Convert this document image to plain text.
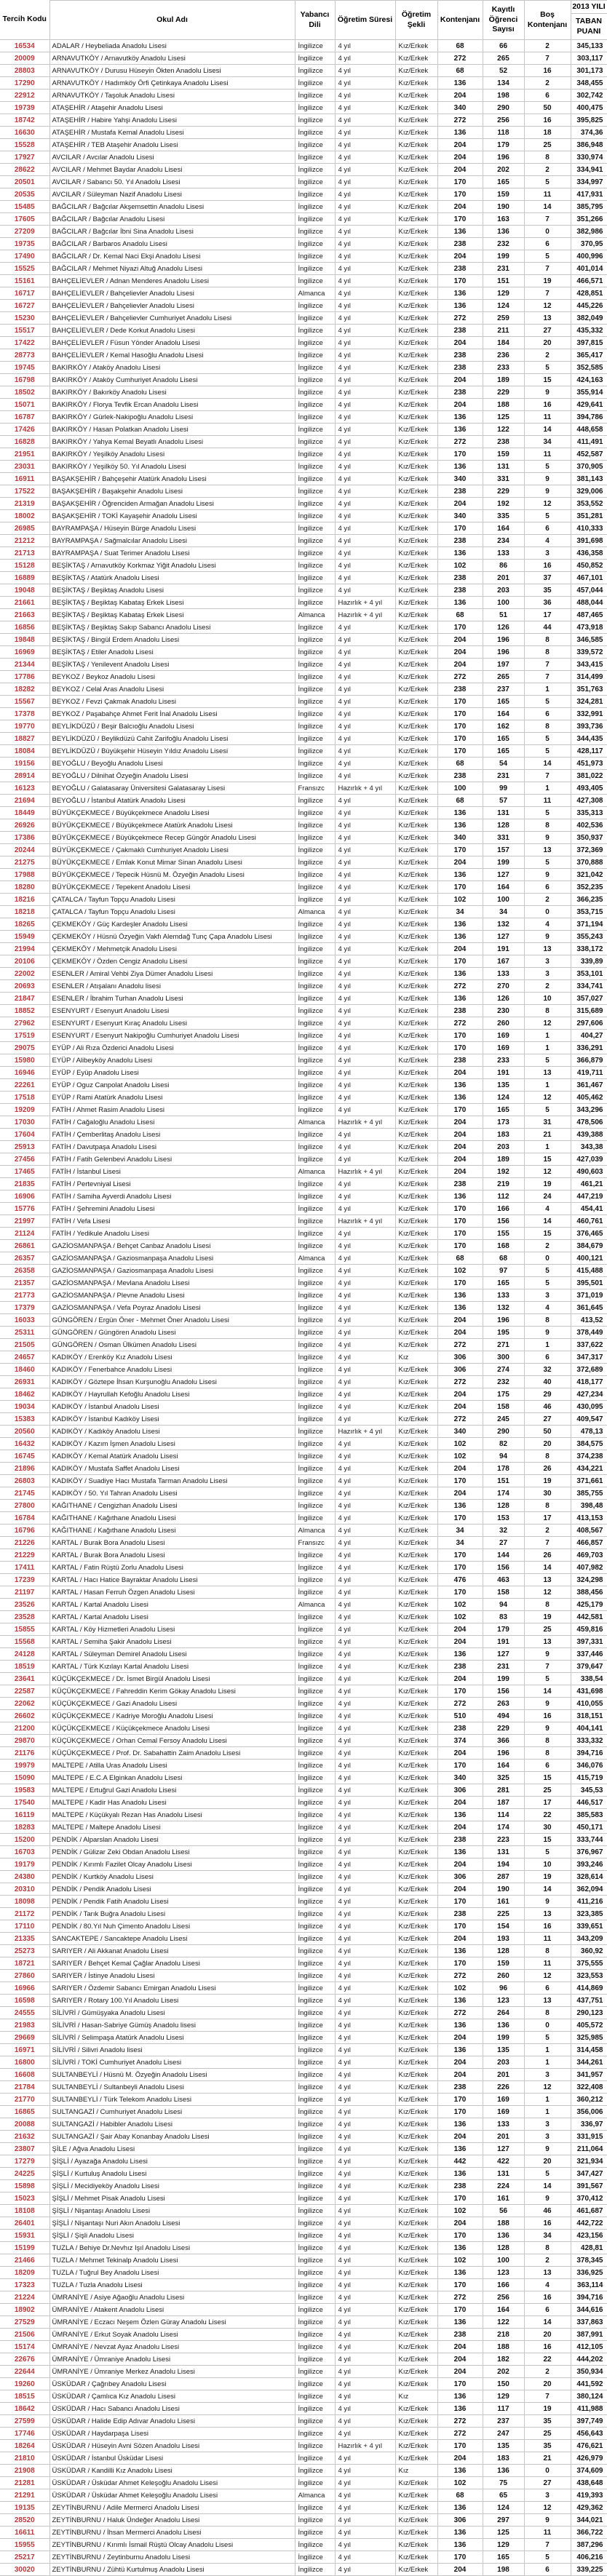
Tercih Kodu	Okul Adı	Yabancı Dili	Öğretim Süresi	Öğretim Şekli	Kontenjanı	Kayıtlı Öğrenci Sayısı	Boş Kontenjanı	2013 YILI
TABAN PUANI

16534	ADALAR / Heybeliada Anadolu Lisesi	İngilizce	4 yıl	Kız/Erkek	68	66	2	345,133
20009	ARNAVUTKÖY / Arnavutköy Anadolu Lisesi	İngilizce	4 yıl	Kız/Erkek	272	265	7	303,117
28803	ARNAVUTKÖY / Durusu Hüseyin Ökten Anadolu Lisesi	İngilizce	4 yıl	Kız/Erkek	68	52	16	301,173
17290	ARNAVUTKÖY / Hadımköy Örfi Çetinkaya Anadolu Lisesi	İngilizce	4 yıl	Kız/Erkek	136	134	2	348,455
22912	ARNAVUTKÖY / Taşoluk Anadolu Lisesi	İngilizce	4 yıl	Kız/Erkek	204	198	6	302,742
19739	ATAŞEHİR / Ataşehir Anadolu Lisesi	İngilizce	4 yıl	Kız/Erkek	340	290	50	400,475
18742	ATAŞEHİR / Habire Yahşi Anadolu Lisesi	İngilizce	4 yıl	Kız/Erkek	272	256	16	395,825
16630	ATAŞEHİR / Mustafa Kemal Anadolu Lisesi	İngilizce	4 yıl	Kız/Erkek	136	118	18	374,36
15528	ATAŞEHİR / TEB Ataşehir Anadolu Lisesi	İngilizce	4 yıl	Kız/Erkek	204	179	25	386,948
17927	AVCILAR / Avcılar Anadolu Lisesi	İngilizce	4 yıl	Kız/Erkek	204	196	8	330,974
28622	AVCILAR / Mehmet Baydar Anadolu Lisesi	İngilizce	4 yıl	Kız/Erkek	204	202	2	334,941
20501	AVCILAR / Sabancı 50. Yıl Anadolu Lisesi	İngilizce	4 yıl	Kız/Erkek	170	165	5	334,997
20535	AVCILAR / Süleyman Nazif Anadolu Lisesi	İngilizce	4 yıl	Kız/Erkek	170	159	11	417,931
15485	BAĞCILAR / Bağcılar Akşemsettin Anadolu Lisesi	İngilizce	4 yıl	Kız/Erkek	204	190	14	385,795
17605	BAĞCILAR / Bağcılar Anadolu Lisesi	İngilizce	4 yıl	Kız/Erkek	170	163	7	351,266
27209	BAĞCILAR / Bağcılar İbni Sina Anadolu Lisesi	İngilizce	4 yıl	Kız/Erkek	136	136	0	382,986
19735	BAĞCILAR / Barbaros Anadolu Lisesi	İngilizce	4 yıl	Kız/Erkek	238	232	6	370,95
17490	BAĞCILAR / Dr. Kemal Naci Ekşi Anadolu Lisesi	İngilizce	4 yıl	Kız/Erkek	204	199	5	400,996
15525	BAĞCILAR / Mehmet Niyazi Altuğ Anadolu Lisesi	İngilizce	4 yıl	Kız/Erkek	238	231	7	401,014
15161	BAHÇELİEVLER / Adnan Menderes Anadolu Lisesi	İngilizce	4 yıl	Kız/Erkek	170	151	19	466,571
16717	BAHÇELİEVLER / Bahçelievler Anadolu Lisesi	Almanca	4 yıl	Kız/Erkek	136	129	7	428,851
16727	BAHÇELİEVLER / Bahçelievler Anadolu Lisesi	İngilizce	4 yıl	Kız/Erkek	136	124	12	445,226
15230	BAHÇELİEVLER / Bahçelievler Cumhuriyet Anadolu Lisesi	İngilizce	4 yıl	Kız/Erkek	272	259	13	382,049
15517	BAHÇELİEVLER / Dede Korkut Anadolu Lisesi	İngilizce	4 yıl	Kız/Erkek	238	211	27	435,332
17422	BAHÇELİEVLER / Füsun Yönder Anadolu Lisesi	İngilizce	4 yıl	Kız/Erkek	204	184	20	397,815
28773	BAHÇELİEVLER / Kemal Hasoğlu Anadolu Lisesi	İngilizce	4 yıl	Kız/Erkek	238	236	2	365,417
19745	BAKIRKÖY / Ataköy Anadolu Lisesi	İngilizce	4 yıl	Kız/Erkek	238	233	5	352,585
16798	BAKIRKÖY / Ataköy Cumhuriyet Anadolu Lisesi	İngilizce	4 yıl	Kız/Erkek	204	189	15	424,163
18502	BAKIRKÖY / Bakırköy Anadolu Lisesi	İngilizce	4 yıl	Kız/Erkek	238	229	9	355,914
15071	BAKIRKÖY / Florya Tevfik Ercan Anadolu Lisesi	İngilizce	4 yıl	Kız/Erkek	204	188	16	429,641
16787	BAKIRKÖY / Gürlek-Nakipoğlu Anadolu Lisesi	İngilizce	4 yıl	Kız/Erkek	136	125	11	394,786
17426	BAKIRKÖY / Hasan Polatkan Anadolu Lisesi	İngilizce	4 yıl	Kız/Erkek	136	122	14	448,658
16828	BAKIRKÖY / Yahya Kemal Beyatlı Anadolu Lisesi	İngilizce	4 yıl	Kız/Erkek	272	238	34	411,491
21951	BAKIRKÖY / Yeşilköy Anadolu Lisesi	İngilizce	4 yıl	Kız/Erkek	170	159	11	452,587
23031	BAKIRKÖY / Yeşilköy 50. Yıl Anadolu Lisesi	İngilizce	4 yıl	Kız/Erkek	136	131	5	370,905
16911	BAŞAKŞEHİR / Bahçeşehir Atatürk Anadolu Lisesi	İngilizce	4 yıl	Kız/Erkek	340	331	9	381,143
17522	BAŞAKŞEHİR / Başakşehir Anadolu Lisesi	İngilizce	4 yıl	Kız/Erkek	238	229	9	329,006
21319	BAŞAKŞEHİR / Öğrenciden Armağan Anadolu Lisesi	İngilizce	4 yıl	Kız/Erkek	204	192	12	353,552
18002	BAŞAKŞEHİR / TOKİ Kayaşehir Anadolu Lisesi	İngilizce	4 yıl	Kız/Erkek	340	335	5	351,281
26985	BAYRAMPAŞA / Hüseyin Bürge Anadolu Lisesi	İngilizce	4 yıl	Kız/Erkek	170	164	6	410,333
21212	BAYRAMPAŞA / Sağmalcılar Anadolu Lisesi	İngilizce	4 yıl	Kız/Erkek	238	234	4	391,698
21713	BAYRAMPAŞA / Suat Terimer Anadolu Lisesi	İngilizce	4 yıl	Kız/Erkek	136	133	3	436,358
15128	BEŞİKTAŞ / Arnavutköy Korkmaz Yiğit Anadolu Lisesi	İngilizce	4 yıl	Kız/Erkek	102	86	16	450,852
16889	BEŞİKTAŞ / Atatürk Anadolu Lisesi	İngilizce	4 yıl	Kız/Erkek	238	201	37	467,101
19048	BEŞİKTAŞ / Beşiktaş Anadolu Lisesi	İngilizce	4 yıl	Kız/Erkek	238	203	35	457,044
21661	BEŞİKTAŞ / Beşiktaş Kabataş Erkek Lisesi	İngilizce	Hazırlık + 4 yıl	Kız/Erkek	136	100	36	488,044
21663	BEŞİKTAŞ / Beşiktaş Kabataş Erkek Lisesi	Almanca	Hazırlık + 4 yıl	Kız/Erkek	68	51	17	487,465
16856	BEŞİKTAŞ / Beşiktaş Sakıp Sabancı Anadolu Lisesi	İngilizce	4 yıl	Kız/Erkek	170	126	44	473,918
19848	BEŞİKTAŞ / Bingül Erdem Anadolu Lisesi	İngilizce	4 yıl	Kız/Erkek	204	196	8	346,585
16969	BEŞİKTAŞ / Etiler Anadolu Lisesi	İngilizce	4 yıl	Kız/Erkek	204	196	8	339,572
21344	BEŞİKTAŞ / Yenilevent Anadolu Lisesi	İngilizce	4 yıl	Kız/Erkek	204	197	7	343,415
17786	BEYKOZ / Beykoz Anadolu Lisesi	İngilizce	4 yıl	Kız/Erkek	272	265	7	314,499
18282	BEYKOZ / Celal Aras Anadolu Lisesi	İngilizce	4 yıl	Kız/Erkek	238	237	1	351,763
15567	BEYKOZ / Fevzi Çakmak Anadolu Lisesi	İngilizce	4 yıl	Kız/Erkek	170	165	5	324,281
17378	BEYKOZ / Paşabahçe Ahmet Ferit İnal Anadolu Lisesi	İngilizce	4 yıl	Kız/Erkek	170	164	6	332,991
19770	BEYLİKDÜZÜ / Beşir Balcıoğlu Anadolu Lisesi	İngilizce	4 yıl	Kız/Erkek	170	162	8	393,736
18827	BEYLİKDÜZÜ / Beylikdüzü Cahit Zarifoğlu Anadolu Lisesi	İngilizce	4 yıl	Kız/Erkek	170	165	5	344,435
18084	BEYLİKDÜZÜ / Büyükşehir Hüseyin Yıldız Anadolu Lisesi	İngilizce	4 yıl	Kız/Erkek	170	165	5	428,117
19156	BEYOĞLU / Beyoğlu Anadolu Lisesi	İngilizce	4 yıl	Kız/Erkek	68	54	14	451,973
28914	BEYOĞLU / Dilnihat Özyeğin Anadolu Lisesi	İngilizce	4 yıl	Kız/Erkek	238	231	7	381,022
16123	BEYOĞLU / Galatasaray Üniversitesi Galatasaray Lisesi	Fransızc	Hazırlık + 4 yıl	Kız/Erkek	100	99	1	493,405
21694	BEYOĞLU / İstanbul Atatürk Anadolu Lisesi	İngilizce	4 yıl	Kız/Erkek	68	57	11	427,308
18449	BÜYÜKÇEKMECE / Büyükçekmece Anadolu Lisesi	İngilizce	4 yıl	Kız/Erkek	136	131	5	335,313
26926	BÜYÜKÇEKMECE / Büyükçekmece Atatürk Anadolu Lisesi	İngilizce	4 yıl	Kız/Erkek	136	128	8	402,536
17386	BÜYÜKÇEKMECE / Büyükçekmece Recep Güngör Anadolu Lisesi	İngilizce	4 yıl	Kız/Erkek	340	331	9	350,937
20244	BÜYÜKÇEKMECE / Çakmaklı Cumhuriyet Anadolu Lisesi	İngilizce	4 yıl	Kız/Erkek	170	157	13	372,369
21275	BÜYÜKÇEKMECE / Emlak Konut Mimar Sinan Anadolu Lisesi	İngilizce	4 yıl	Kız/Erkek	204	199	5	370,888
17988	BÜYÜKÇEKMECE / Tepecik Hüsnü M. Özyeğin Anadolu Lisesi	İngilizce	4 yıl	Kız/Erkek	136	127	9	321,042
18280	BÜYÜKÇEKMECE / Tepekent Anadolu Lisesi	İngilizce	4 yıl	Kız/Erkek	170	164	6	352,235
18216	ÇATALCA / Tayfun Topçu Anadolu Lisesi	İngilizce	4 yıl	Kız/Erkek	102	100	2	366,235
18218	ÇATALCA / Tayfun Topçu Anadolu Lisesi	Almanca	4 yıl	Kız/Erkek	34	34	0	353,715
18265	ÇEKMEKÖY / Güç Kardeşler Anadolu Lisesi	İngilizce	4 yıl	Kız/Erkek	136	132	4	371,194
15949	ÇEKMEKÖY / Hüsnü Özyeğin Vakfı Alemdağ Tunç Çapa Anadolu Lisesi	İngilizce	4 yıl	Kız/Erkek	136	127	9	355,243
21994	ÇEKMEKÖY / Mehmetçik Anadolu Lisesi	İngilizce	4 yıl	Kız/Erkek	204	191	13	338,172
20106	ÇEKMEKÖY / Özden Cengiz Anadolu Lisesi	İngilizce	4 yıl	Kız/Erkek	170	167	3	339,89
22002	ESENLER / Amiral Vehbi Ziya Dümer Anadolu Lisesi	İngilizce	4 yıl	Kız/Erkek	136	133	3	353,101
20693	ESENLER / Atışalanı Anadolu lisesi	İngilizce	4 yıl	Kız/Erkek	272	270	2	334,741
21847	ESENLER / İbrahim Turhan Anadolu Lisesi	İngilizce	4 yıl	Kız/Erkek	136	126	10	357,027
18852	ESENYURT / Esenyurt Anadolu Lisesi	İngilizce	4 yıl	Kız/Erkek	238	230	8	315,689
27962	ESENYURT / Esenyurt Kıraç Anadolu Lisesi	İngilizce	4 yıl	Kız/Erkek	272	260	12	297,606
17519	ESENYURT / Esenyurt Nakipoğlu Cumhuriyet Anadolu Lisesi	İngilizce	4 yıl	Kız/Erkek	170	169	1	404,27
29075	EYÜP / Ali Rıza Özderici Anadolu Lisesi	İngilizce	4 yıl	Kız/Erkek	170	169	1	336,291
15980	EYÜP / Alibeyköy Anadolu Lisesi	İngilizce	4 yıl	Kız/Erkek	238	233	5	366,879
16946	EYÜP / Eyüp Anadolu Lisesi	İngilizce	4 yıl	Kız/Erkek	204	191	13	419,711
22261	EYÜP / Oguz Canpolat Anadolu Lisesi	İngilizce	4 yıl	Kız/Erkek	136	135	1	361,467
17518	EYÜP / Rami Atatürk Anadolu Lisesi	İngilizce	4 yıl	Kız/Erkek	136	124	12	405,462
19209	FATİH / Ahmet Rasim Anadolu Lisesi	İngilizce	4 yıl	Kız/Erkek	170	165	5	343,296
17030	FATİH / Cağaloğlu Anadolu Lisesi	Almanca	Hazırlık + 4 yıl	Kız/Erkek	204	173	31	478,506
17604	FATİH / Çemberlitaş Anadolu Lisesi	İngilizce	4 yıl	Kız/Erkek	204	183	21	439,388
25913	FATİH / Davutpaşa Anadolu Lisesi	İngilizce	4 yıl	Kız/Erkek	204	203	1	343,38
27456	FATİH / Fatih Gelenbevi Anadolu Lisesi	İngilizce	4 yıl	Kız/Erkek	204	189	15	427,039
17465	FATİH / İstanbul Lisesi	Almanca	Hazırlık + 4 yıl	Kız/Erkek	204	192	12	490,603
21835	FATİH / Pertevniyal Lisesi	İngilizce	4 yıl	Kız/Erkek	238	219	19	461,21
16906	FATİH / Samiha Ayverdi Anadolu Lisesi	İngilizce	4 yıl	Kız/Erkek	136	112	24	447,219
15776	FATİH / Şehremini Anadolu Lisesi	İngilizce	4 yıl	Kız/Erkek	170	166	4	454,41
21997	FATİH / Vefa Lisesi	İngilizce	Hazırlık + 4 yıl	Kız/Erkek	170	156	14	460,761
21124	FATİH / Yedikule Anadolu Lisesi	İngilizce	4 yıl	Kız/Erkek	170	155	15	376,465
26861	GAZİOSMANPAŞA / Behçet Canbaz Anadolu Lisesi	İngilizce	4 yıl	Kız/Erkek	170	168	2	384,679
26357	GAZİOSMANPAŞA / Gaziosmanpaşa Anadolu Lisesi	Almanca	4 yıl	Kız/Erkek	68	68	0	400,121
26358	GAZİOSMANPAŞA / Gaziosmanpaşa Anadolu Lisesi	İngilizce	4 yıl	Kız/Erkek	102	97	5	415,488
21357	GAZİOSMANPAŞA / Mevlana Anadolu Lisesi	İngilizce	4 yıl	Kız/Erkek	170	165	5	395,501
21773	GAZİOSMANPAŞA / Plevne Anadolu Lisesi	İngilizce	4 yıl	Kız/Erkek	136	133	3	371,019
17379	GAZİOSMANPAŞA / Vefa Poyraz Anadolu Lisesi	İngilizce	4 yıl	Kız/Erkek	136	132	4	361,645
16033	GÜNGÖREN / Ergün Öner - Mehmet Öner Anadolu Lisesi	İngilizce	4 yıl	Kız/Erkek	204	196	8	413,52
25311	GÜNGÖREN / Güngören Anadolu Lisesi	İngilizce	4 yıl	Kız/Erkek	204	195	9	378,449
21505	GÜNGÖREN / Osman Ülkümen Anadolu Lisesi	İngilizce	4 yıl	Kız/Erkek	272	271	1	337,622
24657	KADIKÖY / Erenköy Kız Anadolu Lisesi	İngilizce	4 yıl	Kız	306	300	6	347,317
18460	KADIKÖY / Fenerbahce Anadolu Lisesi	İngilizce	4 yıl	Kız/Erkek	306	274	32	372,689
26931	KADIKÖY / Göztepe İhsan Kurşunoğlu Anadolu Lisesi	İngilizce	4 yıl	Kız/Erkek	272	232	40	418,177
18462	KADIKÖY / Hayrullah Kefoğlu Anadolu Lisesi	İngilizce	4 yıl	Kız/Erkek	204	175	29	427,234
19034	KADIKÖY / İstanbul Anadolu Lisesi	İngilizce	4 yıl	Kız/Erkek	204	158	46	430,095
15383	KADIKÖY / İstanbul Kadıköy Lisesi	İngilizce	4 yıl	Kız/Erkek	272	245	27	409,547
20560	KADIKÖY / Kadıköy Anadolu Lisesi	İngilizce	Hazırlık + 4 yıl	Kız/Erkek	340	290	50	478,13
16432	KADIKÖY / Kazım İşmen Anadolu Lisesi	İngilizce	4 yıl	Kız/Erkek	102	82	20	384,575
16745	KADIKÖY / Kemal Atatürk Anadolu Lisesi	İngilizce	4 yıl	Kız/Erkek	102	94	8	374,238
21896	KADIKÖY / Mustafa Saffet Anadolu Lisesi	İngilizce	4 yıl	Kız/Erkek	204	178	26	434,221
26803	KADIKÖY / Suadiye Hacı Mustafa Tarman Anadolu Lisesi	İngilizce	4 yıl	Kız/Erkek	170	151	19	371,661
21745	KADIKÖY / 50. Yıl Tahran Anadolu Lisesi	İngilizce	4 yıl	Kız/Erkek	204	174	30	385,755
27800	KAĞITHANE / Cengizhan Anadolu Lisesi	İngilizce	4 yıl	Kız/Erkek	136	128	8	398,48
16784	KAĞITHANE / Kağıthane Anadolu Lisesi	İngilizce	4 yıl	Kız/Erkek	170	153	17	413,153
16796	KAĞITHANE / Kağıthane Anadolu Lisesi	Almanca	4 yıl	Kız/Erkek	34	32	2	408,567
21226	KARTAL / Burak Bora Anadolu Lisesi	Fransızc	4 yıl	Kız/Erkek	34	27	7	466,857
21229	KARTAL / Burak Bora Anadolu Lisesi	İngilizce	4 yıl	Kız/Erkek	170	144	26	469,703
17411	KARTAL / Fatin Rüştü Zorlu Anadolu Lisesi	İngilizce	4 yıl	Kız/Erkek	170	156	14	407,982
17239	KARTAL / Hacı Hatice Bayraktar Anadolu Lisesi	İngilizce	4 yıl	Kız/Erkek	476	463	13	324,298
21197	KARTAL / Hasan Ferruh Özgen Anadolu Lisesi	İngilizce	4 yıl	Kız/Erkek	170	158	12	388,456
23526	KARTAL / Kartal Anadolu Lisesi	Almanca	4 yıl	Kız/Erkek	102	94	8	425,179
23528	KARTAL / Kartal Anadolu Lisesi	İngilizce	4 yıl	Kız/Erkek	102	83	19	442,581
15855	KARTAL / Köy Hizmetleri Anadolu Lisesi	İngilizce	4 yıl	Kız/Erkek	204	179	25	459,816
15568	KARTAL / Semiha Şakir Anadolu Lisesi	İngilizce	4 yıl	Kız/Erkek	204	191	13	397,331
24128	KARTAL / Süleyman Demirel Anadolu Lisesi	İngilizce	4 yıl	Kız/Erkek	136	127	9	337,446
18519	KARTAL / Türk Kızılayı Kartal Anadolu Lisesi	İngilizce	4 yıl	Kız/Erkek	238	231	7	379,647
23641	KÜÇÜKÇEKMECE / Dr. İsmet Birgül Anadolu Lisesi	İngilizce	4 yıl	Kız/Erkek	204	199	5	338,54
22587	KÜÇÜKÇEKMECE / Fahreddin Kerim Gökay Anadolu Lisesi	İngilizce	4 yıl	Kız/Erkek	170	156	14	431,698
22062	KÜÇÜKÇEKMECE / Gazi Anadolu Lisesi	İngilizce	4 yıl	Kız/Erkek	272	263	9	410,055
26602	KÜÇÜKÇEKMECE / Kadriye Moroğlu Anadolu Lisesi	İngilizce	4 yıl	Kız/Erkek	510	494	16	318,151
21200	KÜÇÜKÇEKMECE / Küçükçekmece Anadolu Lisesi	İngilizce	4 yıl	Kız/Erkek	238	229	9	404,141
29870	KÜÇÜKÇEKMECE / Orhan Cemal Fersoy Anadolu Lisesi	İngilizce	4 yıl	Kız/Erkek	374	366	8	333,332
21176	KÜÇÜKÇEKMECE / Prof. Dr. Sabahattin Zaim Anadolu Lisesi	İngilizce	4 yıl	Kız/Erkek	204	196	8	394,716
19979	MALTEPE / Atilla Uras Anadolu Lisesi	İngilizce	4 yıl	Kız/Erkek	170	164	6	346,076
15090	MALTEPE / E.C.A Elginkan Anadolu Lisesi	İngilizce	4 yıl	Kız/Erkek	340	325	15	415,719
19583	MALTEPE / Ertuğrul Gazi Anadolu Lisesi	İngilizce	4 yıl	Kız/Erkek	306	281	25	345,53
17540	MALTEPE / Kadir Has Anadolu Lisesi	İngilizce	4 yıl	Kız/Erkek	204	187	17	446,517
16119	MALTEPE / Küçükyalı Rezan Has Anadolu Lisesi	İngilizce	4 yıl	Kız/Erkek	136	114	22	385,583
18283	MALTEPE / Maltepe Anadolu Lisesi	İngilizce	4 yıl	Kız/Erkek	204	174	30	450,171
15200	PENDİK / Alparslan Anadolu Lisesi	İngilizce	4 yıl	Kız/Erkek	238	223	15	333,744
16703	PENDİK / Gülizar Zeki Obdan Anadolu Lisesi	İngilizce	4 yıl	Kız/Erkek	136	131	5	376,967
19179	PENDİK / Kırımlı Fazilet Olcay Anadolu Lisesi	İngilizce	4 yıl	Kız/Erkek	204	194	10	393,246
24380	PENDİK / Kurtköy Anadolu Lisesi	İngilizce	4 yıl	Kız/Erkek	306	287	19	328,614
20310	PENDİK / Pendik Anadolu Lisesi	İngilizce	4 yıl	Kız/Erkek	204	190	14	362,094
18098	PENDİK / Pendik Fatih Anadolu Lisesi	İngilizce	4 yıl	Kız/Erkek	170	161	9	411,216
21172	PENDİK / Tarık Buğra Anadolu Lisesi	İngilizce	4 yıl	Kız/Erkek	238	225	13	323,385
17110	PENDİK / 80.Yıl Nuh Çimento Anadolu Lisesi	İngilizce	4 yıl	Kız/Erkek	170	154	16	339,651
21335	SANCAKTEPE / Sancaktepe Anadolu Lisesi	İngilizce	4 yıl	Kız/Erkek	204	193	11	343,209
25273	SARIYER / Ali Akkanat Anadolu Lisesi	İngilizce	4 yıl	Kız/Erkek	136	128	8	360,92
18721	SARIYER / Behçet Kemal Çağlar Anadolu Lisesi	İngilizce	4 yıl	Kız/Erkek	170	159	11	375,555
27860	SARIYER / İstinye Anadolu Lisesi	İngilizce	4 yıl	Kız/Erkek	272	260	12	323,553
16966	SARIYER / Özdemir Sabancı Emirgan Anadolu Lisesi	İngilizce	4 yıl	Kız/Erkek	102	96	6	414,869
16598	SARIYER / Rotary 100.Yıl Anadolu Lisesi	İngilizce	4 yıl	Kız/Erkek	136	123	13	437,751
24555	SİLİVRİ / Gümüşyaka Anadolu Lisesi	İngilizce	4 yıl	Kız/Erkek	272	264	8	290,123
21983	SİLİVRİ / Hasan-Sabriye Gümüş Anadolu lisesi	İngilizce	4 yıl	Kız/Erkek	136	136	0	405,572
29669	SİLİVRİ / Selimpaşa Atatürk Anadolu Lisesi	İngilizce	4 yıl	Kız/Erkek	204	199	5	325,985
16971	SİLİVRİ / Silivri Anadolu lisesi	İngilizce	4 yıl	Kız/Erkek	136	135	1	314,458
16800	SİLİVRİ / TOKİ Cumhuriyet Anadolu Lisesi	İngilizce	4 yıl	Kız/Erkek	204	203	1	344,261
16608	SULTANBEYLİ / Hüsnü M. Özyeğin Anadolu Lisesi	İngilizce	4 yıl	Kız/Erkek	204	201	3	341,957
21784	SULTANBEYLİ / Sultanbeyli Anadolu Lisesi	İngilizce	4 yıl	Kız/Erkek	238	226	12	322,408
21770	SULTANBEYLİ / Türk Telekom Anadolu Lisesi	İngilizce	4 yıl	Kız/Erkek	170	169	1	360,212
16865	SULTANGAZİ / Cumhuriyet Anadolu Lisesi	İngilizce	4 yıl	Kız/Erkek	170	169	1	356,006
20088	SULTANGAZİ / Habibler Anadolu Lisesi	İngilizce	4 yıl	Kız/Erkek	136	133	3	336,97
21632	SULTANGAZİ / Şair Abay Konanbay Anadolu Lisesi	İngilizce	4 yıl	Kız/Erkek	204	201	3	331,915
23807	ŞİLE / Ağva Anadolu Lisesi	İngilizce	4 yıl	Kız/Erkek	136	127	9	211,064
17279	ŞİŞLİ / Ayazağa Anadolu Lisesi	İngilizce	4 yıl	Kız/Erkek	442	422	20	321,934
24225	ŞİŞLİ / Kurtuluş Anadolu Lisesi	İngilizce	4 yıl	Kız/Erkek	136	131	5	347,427
15898	ŞİŞLİ / Mecidiyeköy Anadolu Lisesi	İngilizce	4 yıl	Kız/Erkek	238	224	14	391,567
15023	ŞİŞLİ / Mehmet Pisak Anadolu Lisesi	İngilizce	4 yıl	Kız/Erkek	170	161	9	370,412
18108	ŞİŞLİ / Nişantaşı Anadolu Lisesi	İngilizce	4 yıl	Kız/Erkek	102	56	46	461,687
26401	ŞİŞLİ / Nişantaşı Nuri Akın Anadolu Lisesi	İngilizce	4 yıl	Kız/Erkek	204	188	16	442,722
15931	ŞİŞLİ / Şişli Anadolu Lisesi	İngilizce	4 yıl	Kız/Erkek	170	136	34	423,156
15199	TUZLA / Behiye Dr.Nevhız Işıl Anadolu Lisesi	İngilizce	4 yıl	Kız/Erkek	136	128	8	428,81
21466	TUZLA / Mehmet Tekinalp Anadolu Lisesi	İngilizce	4 yıl	Kız/Erkek	102	100	2	378,345
18209	TUZLA / Tuğrul Bey Anadolu Lisesi	İngilizce	4 yıl	Kız/Erkek	136	123	13	336,925
17323	TUZLA / Tuzla Anadolu Lisesi	İngilizce	4 yıl	Kız/Erkek	170	166	4	363,114
21224	ÜMRANİYE / Asiye Ağaoğlu Anadolu Lisesi	İngilizce	4 yıl	Kız/Erkek	272	256	16	394,716
18902	ÜMRANİYE / Atakent Anadolu Lisesi	İngilizce	4 yıl	Kız/Erkek	170	164	6	344,616
27529	ÜMRANİYE / Eczacı Neşem Özlen Güray Anadolu Lisesi	İngilizce	4 yıl	Kız/Erkek	136	122	14	337,863
21506	ÜMRANİYE / Erkut Soyak Anadolu Lisesi	İngilizce	4 yıl	Kız/Erkek	238	218	20	387,991
15174	ÜMRANİYE / Nevzat Ayaz Anadolu Lisesi	İngilizce	4 yıl	Kız/Erkek	204	188	16	412,105
22676	ÜMRANİYE / Ümraniye Anadolu Lisesi	İngilizce	4 yıl	Kız/Erkek	204	182	22	444,202
22644	ÜMRANİYE / Ümraniye Merkez Anadolu Lisesi	İngilizce	4 yıl	Kız/Erkek	204	202	2	350,934
19260	ÜSKÜDAR / Çağrıbey Anadolu Lisesi	İngilizce	4 yıl	Kız/Erkek	170	150	20	441,592
18515	ÜSKÜDAR / Çamlıca Kız Anadolu Lisesi	İngilizce	4 yıl	Kız	136	129	7	380,124
18642	ÜSKÜDAR / Hacı Sabancı Anadolu Lisesi	İngilizce	4 yıl	Kız/Erkek	136	117	19	411,988
27599	ÜSKÜDAR / Halide Edip Adıvar Anadolu Lisesi	İngilizce	4 yıl	Kız/Erkek	272	237	35	397,749
17746	ÜSKÜDAR / Haydarpaşa Lisesi	İngilizce	4 yıl	Kız/Erkek	272	247	25	456,643
18264	ÜSKÜDAR / Hüseyin Avni Sözen Anadolu Lisesi	İngilizce	Hazırlık + 4 yıl	Kız/Erkek	170	135	35	476,621
21810	ÜSKÜDAR / İstanbul Üsküdar Lisesi	İngilizce	4 yıl	Kız/Erkek	204	183	21	426,979
21908	ÜSKÜDAR / Kandilli Kız Anadolu Lisesi	İngilizce	4 yıl	Kız	136	136	0	374,609
21281	ÜSKÜDAR / Üsküdar Ahmet Keleşoğlu Anadolu Lisesi	İngilizce	4 yıl	Kız/Erkek	102	75	27	438,648
21291	ÜSKÜDAR / Üsküdar Ahmet Keleşoğlu Anadolu Lisesi	Almanca	4 yıl	Kız/Erkek	68	65	3	419,393
19135	ZEYTİNBURNU / Adile Mermerci Anadolu Lisesi	İngilizce	4 yıl	Kız/Erkek	136	124	12	429,362
28520	ZEYTİNBURNU / Haluk Ündeğer Anadolu Lisesi	İngilizce	4 yıl	Kız/Erkek	306	297	9	344,021
16611	ZEYTİNBURNU / İhsan Mermerci Anadolu Lisesi	İngilizce	4 yıl	Kız/Erkek	136	125	11	366,722
15955	ZEYTİNBURNU / Kırımlı İsmail Rüştü Olcay Anadolu Lisesi	İngilizce	4 yıl	Kız/Erkek	136	129	7	387,296
25217	ZEYTİNBURNU / Zeytinburnu Anadolu Lisesi	İngilizce	4 yıl	Kız/Erkek	170	165	5	406,216
30020	ZEYTİNBURNU / Zühtü Kurtulmuş Anadolu Lisesi	İngilizce	4 yıl	Kız/Erkek	204	198	6	339,225
